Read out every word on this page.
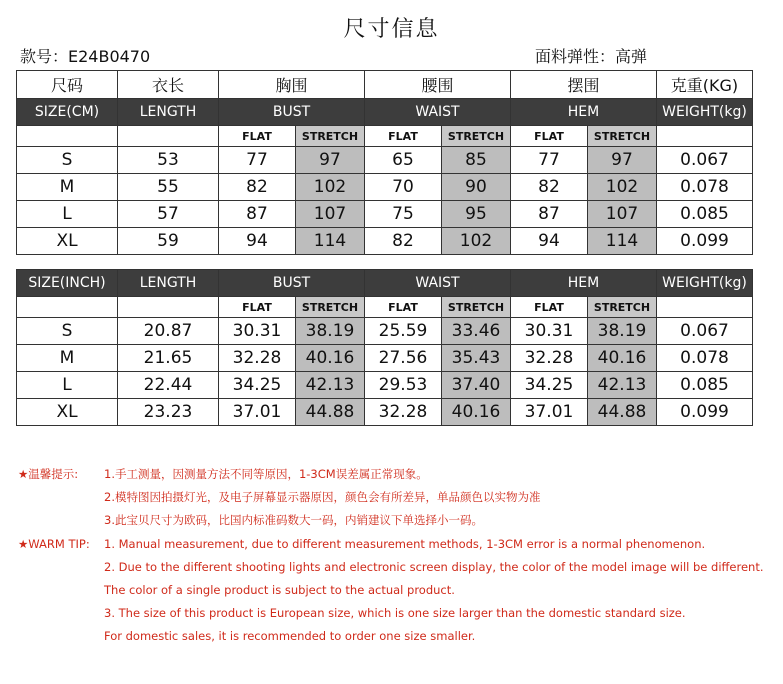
尺寸信息
款号：E24B0470	面料弹性：高弹
尺码	衣长	胸围		腰围		摆围		克重(KG)
SIZE(CM)	LENGTH	BUST		WAIST		HEM		WEIGHT(kg)
		FLAT	STRETCH	FLAT	STRETCH	FLAT	STRETCH	
S	53	77	97	65	85	77	97	0.067
M	55	82	102	70	90	82	102	0.078
L	57	87	107	75	95	87	107	0.085
XL	59	94	114	82	102	94	114	0.099
SIZE(INCH)	LENGTH	BUST		WAIST		HEM		WEIGHT(kg)
		FLAT	STRETCH	FLAT	STRETCH	FLAT	STRETCH	
S	20.87	30.31	38.19	25.59	33.46	30.31	38.19	0.067
M	21.65	32.28	40.16	27.56	35.43	32.28	40.16	0.078
L	22.44	34.25	42.13	29.53	37.40	34.25	42.13	0.085
XL	23.23	37.01	44.88	32.28	40.16	37.01	44.88	0.099
★温馨提示:	1.手工测量，因测量方法不同等原因，1-3CM误差属正常现象。
2.模特图因拍摄灯光，及电子屏幕显示器原因，颜色会有所差异，单品颜色以实物为准
3.此宝贝尺寸为欧码，比国内标准码数大一码，内销建议下单选择小一码。
★WARM TIP:	1. Manual measurement, due to different measurement methods, 1-3CM error is a normal phenomenon.
2. Due to the different shooting lights and electronic screen display, the color of the model image will be different.
The color of a single product is subject to the actual product.
3. The size of this product is European size, which is one size larger than the domestic standard size.
For domestic sales, it is recommended to order one size smaller.
